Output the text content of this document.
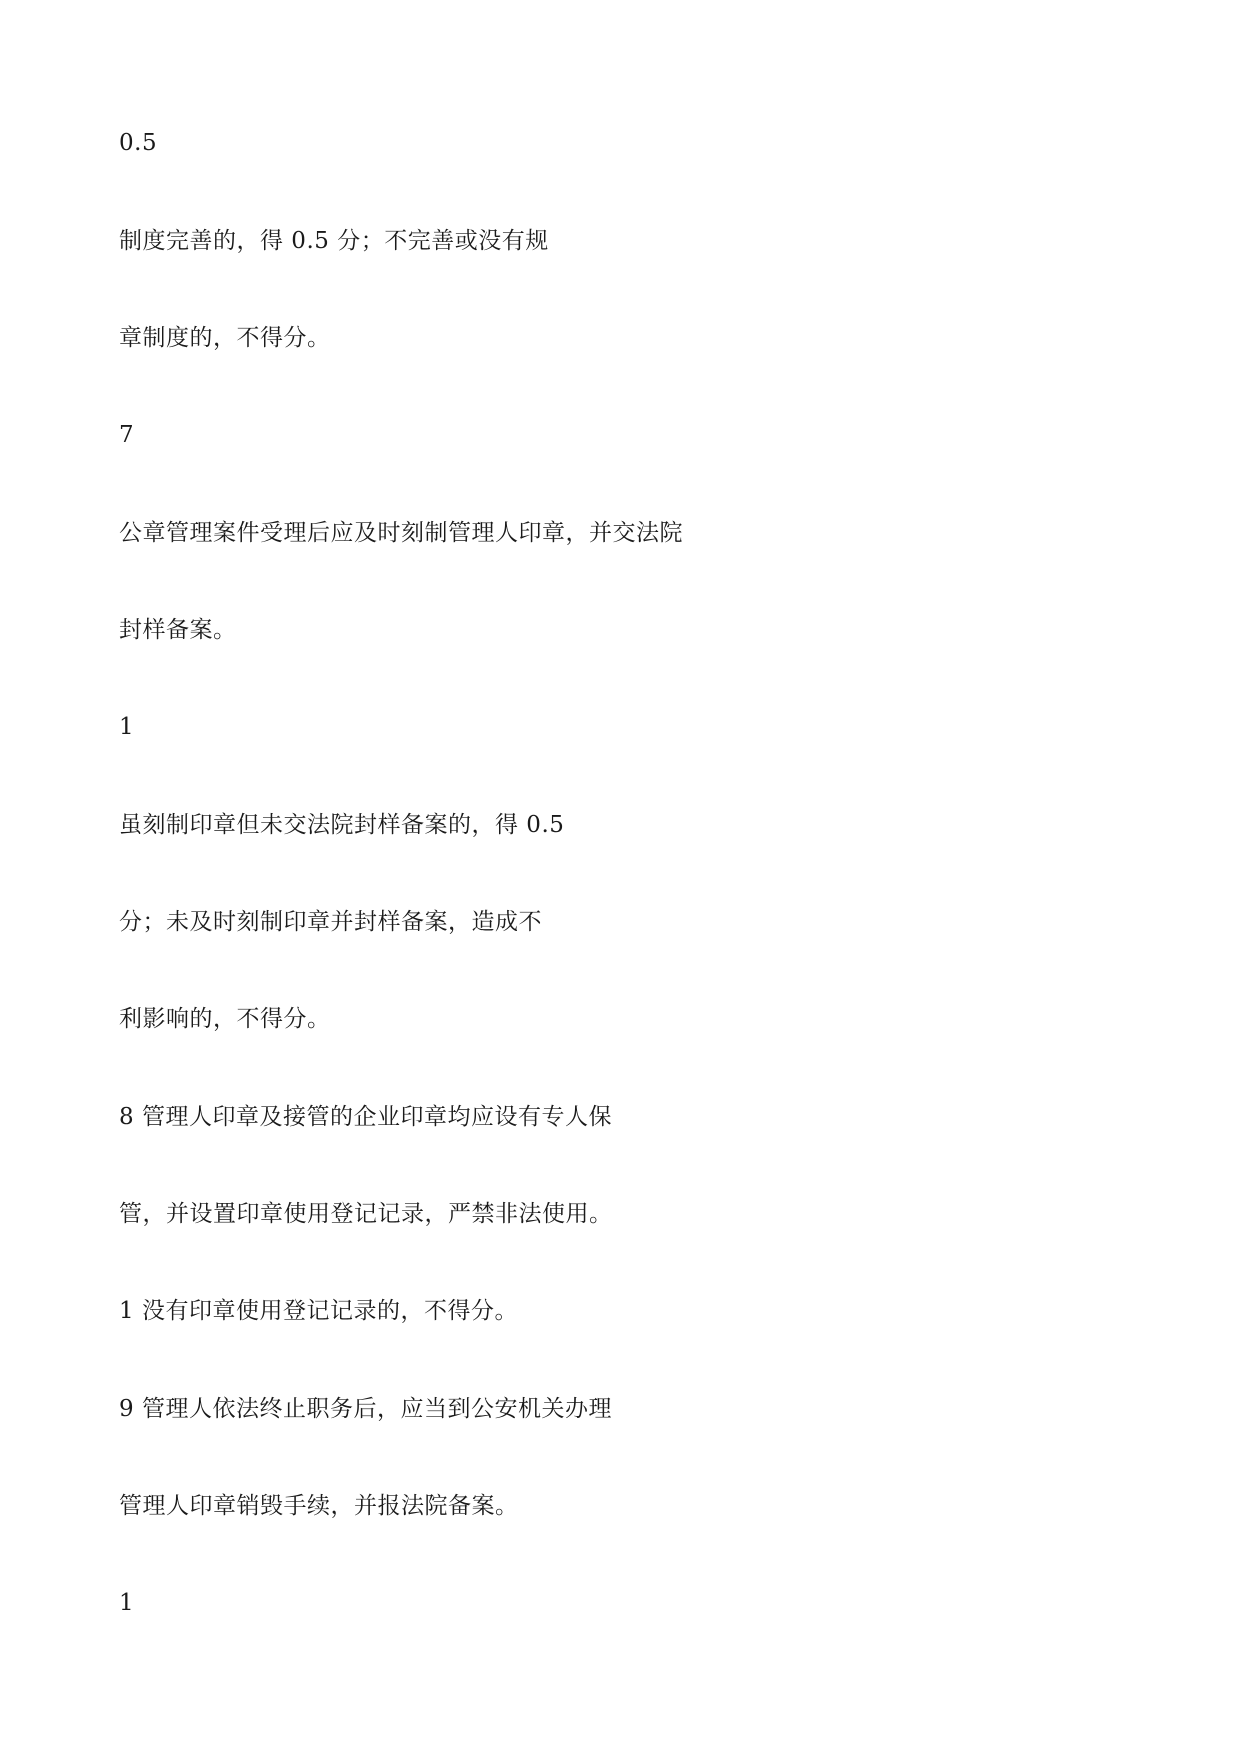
0.5

制度完善的，得 0.5 分；不完善或没有规

章制度的，不得分。

7

公章管理案件受理后应及时刻制管理人印章，并交法院

封样备案。

1

虽刻制印章但未交法院封样备案的，得 0.5

分；未及时刻制印章并封样备案，造成不

利影响的，不得分。

8 管理人印章及接管的企业印章均应设有专人保

管，并设置印章使用登记记录，严禁非法使用。

1 没有印章使用登记记录的，不得分。

9 管理人依法终止职务后，应当到公安机关办理

管理人印章销毁手续，并报法院备案。

1
